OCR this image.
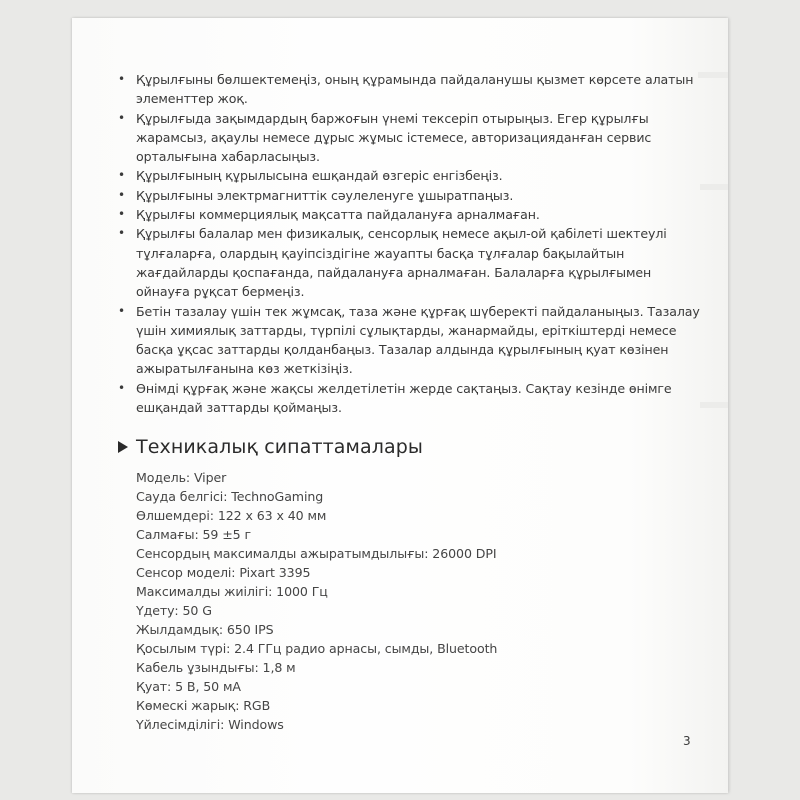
• Құрылғыны бөлшектемеңіз, оның құрамында пайдаланушы қызмет көрсете алатын элементтер жоқ.
• Құрылғыда зақымдардың баржоғын үнемі тексеріп отырыңыз. Егер құрылғы жарамсыз, ақаулы немесе дұрыс жұмыс істемесе, авторизацияданған сервис орталығына хабарласыңыз.
• Құрылғының құрылысына ешқандай өзгеріс енгізбеңіз.
• Құрылғыны электрмагниттік сәулеленуге ұшыратпаңыз.
• Құрылғы коммерциялық мақсатта пайдалануға арналмаған.
• Құрылғы балалар мен физикалық, сенсорлық немесе ақыл-ой қабілеті шектеулі тұлғаларға, олардың қауіпсіздігіне жауапты басқа тұлғалар бақылайтын жағдайларды қоспағанда, пайдалануға арналмаған. Балаларға құрылғымен ойнауға рұқсат бермеңіз.
• Бетін тазалау үшін тек жұмсақ, таза және құрғақ шүберекті пайдаланыңыз. Тазалау үшін химиялық заттарды, түрпілі сұлықтарды, жанармайды, еріткіштерді немесе басқа ұқсас заттарды қолданбаңыз. Тазалар алдында құрылғының қуат көзінен ажыратылғанына көз жеткізіңіз.
• Өнімді құрғақ және жақсы желдетілетін жерде сақтаңыз. Сақтау кезінде өнімге ешқандай заттарды қоймаңыз.
Техникалық сипаттамалары
Модель: Viper
Сауда белгісі: TechnoGaming
Өлшемдері: 122 х 63 х 40 мм
Салмағы: 59 ±5 г
Сенсордың максималды ажыратымдылығы: 26000 DPI
Сенсор моделі: Pixart 3395
Максималды жиілігі: 1000 Гц
Үдету: 50 G
Жылдамдық: 650 IPS
Қосылым түрі: 2.4 ГГц радио арнасы, сымды, Bluetooth
Кабель ұзындығы: 1,8 м
Қуат: 5 В, 50 мА
Көмескі жарық: RGB
Үйлесімділігі: Windows
3
